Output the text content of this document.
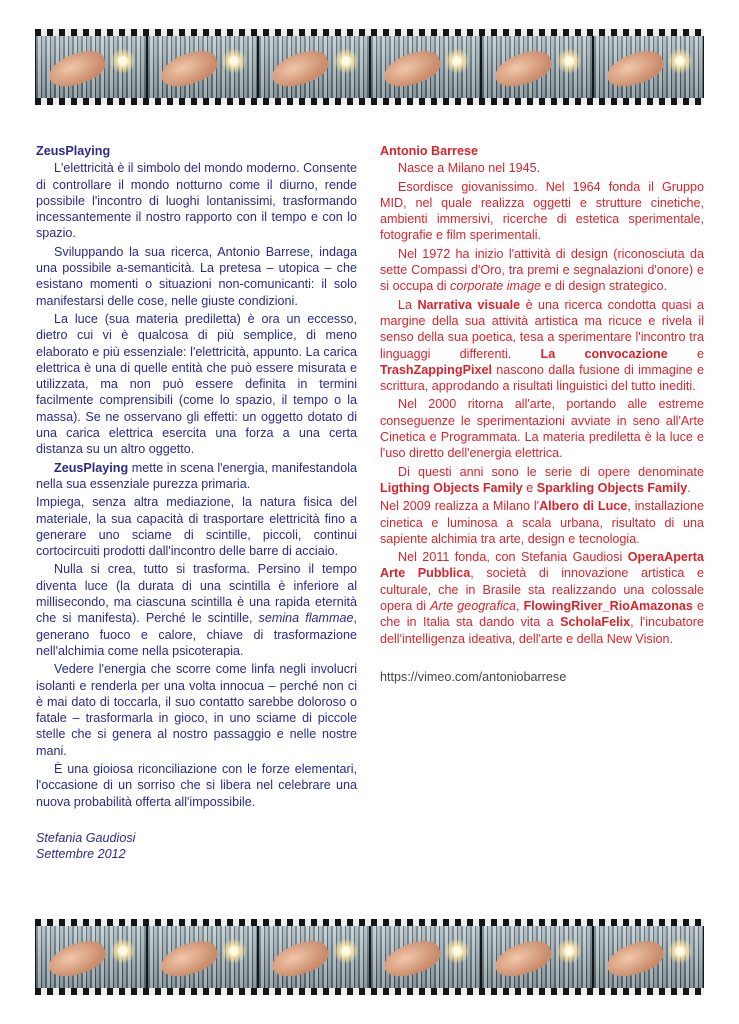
ZeusPlaying

L'elettricità è il simbolo del mondo moderno. Consente di controllare il mondo notturno come il diurno, rende possibile l'incontro di luoghi lontanissimi, trasformando incessantemente il nostro rapporto con il tempo e con lo spazio.

Sviluppando la sua ricerca, Antonio Barrese, indaga una possibile a-semanticità. La pretesa – utopica – che esistano momenti o situazioni non-comunicanti: il solo manifestarsi delle cose, nelle giuste condizioni.

La luce (sua materia prediletta) è ora un eccesso, dietro cui vi è qualcosa di più semplice, di meno elaborato e più essenziale: l'elettricità, appunto. La carica elettrica è una di quelle entità che può essere misurata e utilizzata, ma non può essere definita in termini facilmente comprensibili (come lo spazio, il tempo o la massa). Se ne osservano gli effetti: un oggetto dotato di una carica elettrica esercita una forza a una certa distanza su un altro oggetto.

ZeusPlaying mette in scena l'energia, manifestandola nella sua essenziale purezza primaria.

Impiega, senza altra mediazione, la natura fisica del materiale, la sua capacità di trasportare elettricità fino a generare uno sciame di scintille, piccoli, continui cortocircuiti prodotti dall'incontro delle barre di acciaio.

Nulla si crea, tutto si trasforma. Persino il tempo diventa luce (la durata di una scintilla è inferiore al millisecondo, ma ciascuna scintilla è una rapida eternità che si manifesta). Perché le scintille, semina flammae, generano fuoco e calore, chiave di trasformazione nell'alchimia come nella psicoterapia.

Vedere l'energia che scorre come linfa negli involucri isolanti e renderla per una volta innocua – perché non ci è mai dato di toccarla, il suo contatto sarebbe doloroso o fatale – trasformarla in gioco, in uno sciame di piccole stelle che si genera al nostro passaggio e nelle nostre mani.

È una gioiosa riconciliazione con le forze elementari, l'occasione di un sorriso che si libera nel celebrare una nuova probabilità offerta all'impossibile.

Stefania Gaudiosi
Settembre 2012
Antonio Barrese

Nasce a Milano nel 1945.

Esordisce giovanissimo. Nel 1964 fonda il Gruppo MID, nel quale realizza oggetti e strutture cinetiche, ambienti immersivi, ricerche di estetica sperimentale, fotografie e film sperimentali.

Nel 1972 ha inizio l'attività di design (riconosciuta da sette Compassi d'Oro, tra premi e segnalazioni d'onore) e si occupa di corporate image e di design strategico.

La Narrativa visuale è una ricerca condotta quasi a margine della sua attività artistica ma ricuce e rivela il senso della sua poetica, tesa a sperimentare l'incontro tra linguaggi differenti. La convocazione e TrashZappingPixel nascono dalla fusione di immagine e scrittura, approdando a risultati linguistici del tutto inediti.

Nel 2000 ritorna all'arte, portando alle estreme conseguenze le sperimentazioni avviate in seno all'Arte Cinetica e Programmata. La materia prediletta è la luce e l'uso diretto dell'energia elettrica.

Di questi anni sono le serie di opere denominate Ligthing Objects Family e Sparkling Objects Family.

Nel 2009 realizza a Milano l'Albero di Luce, installazione cinetica e luminosa a scala urbana, risultato di una sapiente alchimia tra arte, design e tecnologia.

Nel 2011 fonda, con Stefania Gaudiosi OperaAperta Arte Pubblica, società di innovazione artistica e culturale, che in Brasile sta realizzando una colossale opera di Arte geografica, FlowingRiver_RioAmazonas e che in Italia sta dando vita a ScholaFelix, l'incubatore dell'intelligenza ideativa, dell'arte e della New Vision.

https://vimeo.com/antoniobarrese
